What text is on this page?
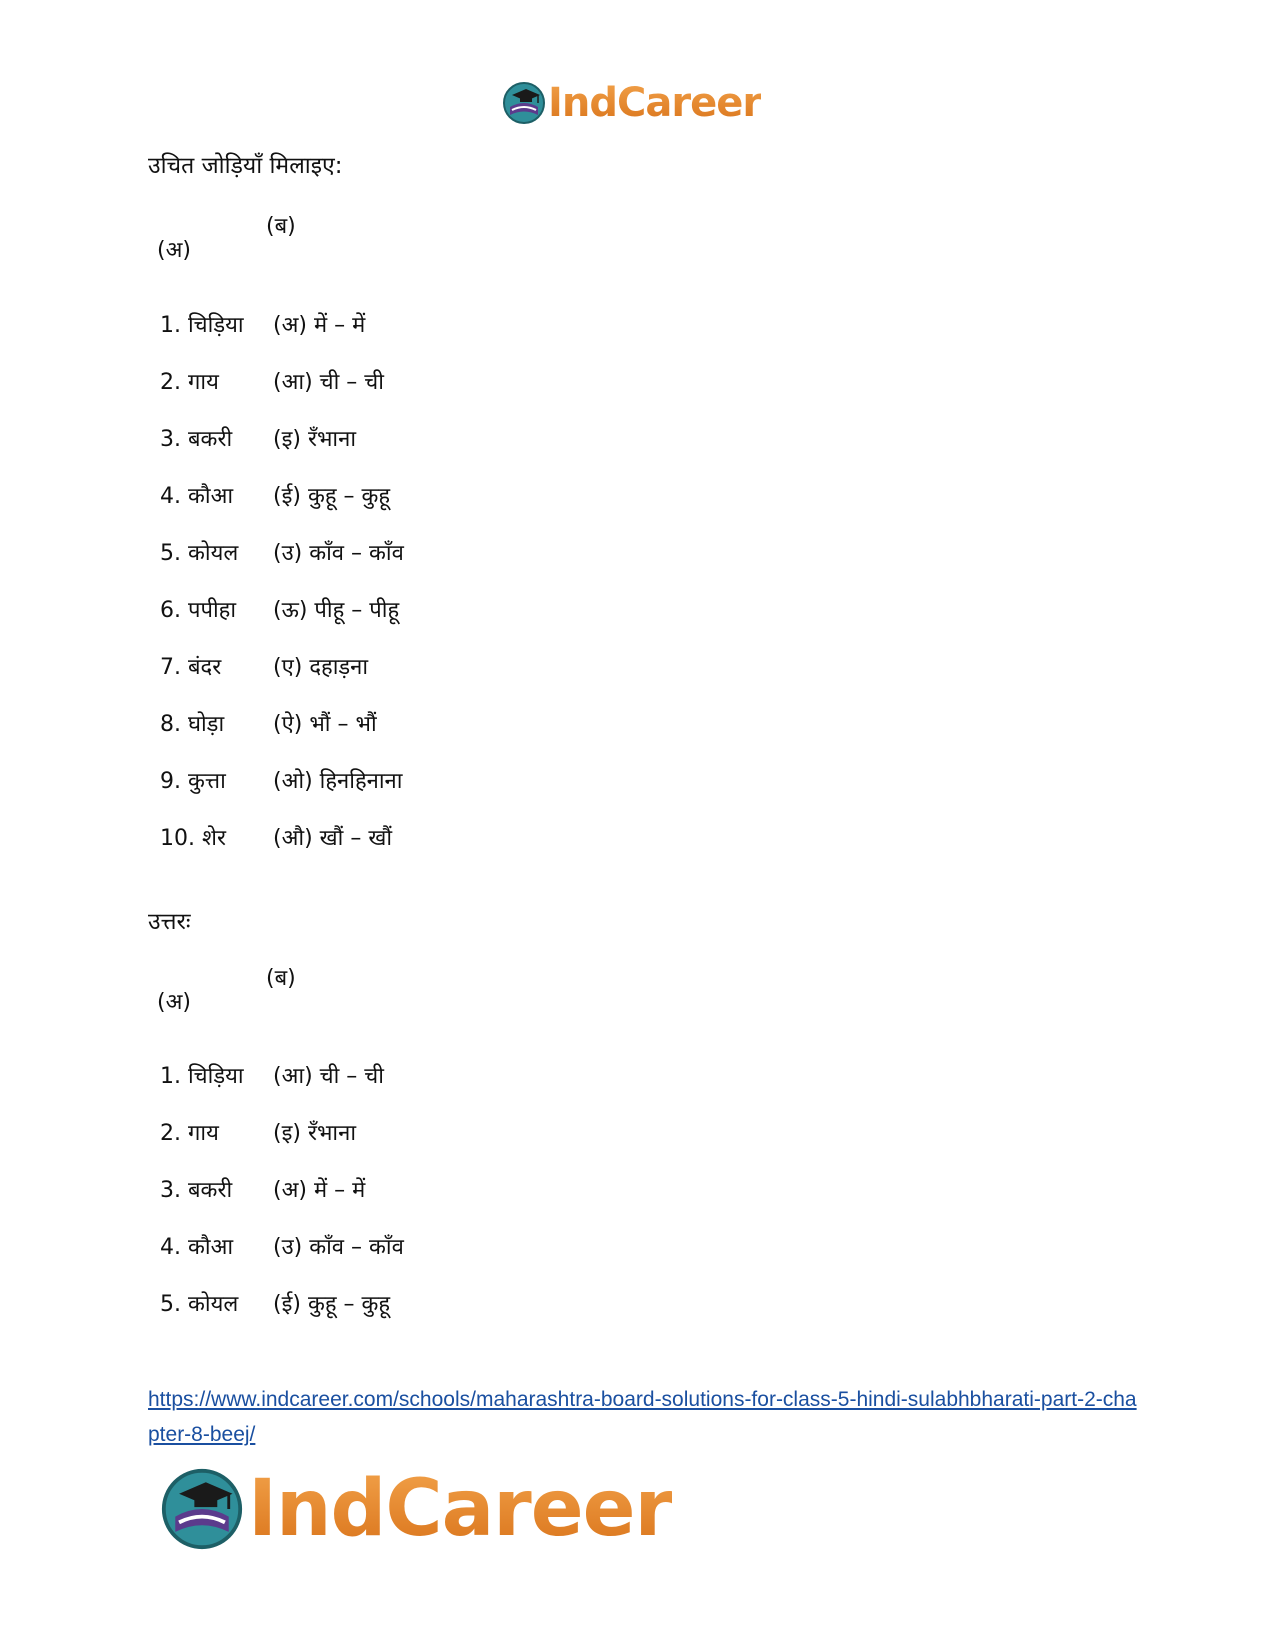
IndCareer
उचित जोड़ियाँ मिलाइए:
(ब)
(अ)
1. चिड़िया	(अ) में – में
2. गाय	(आ) ची – ची
3. बकरी	(इ) रँभाना
4. कौआ	(ई) कुहू – कुहू
5. कोयल	(उ) काँव – काँव
6. पपीहा	(ऊ) पीहू – पीहू
7. बंदर	(ए) दहाड़ना
8. घोड़ा	(ऐ) भौं – भौं
9. कुत्ता	(ओ) हिनहिनाना
10. शेर	(औ) खौं – खौं
उत्तरः
(ब)
(अ)
1. चिड़िया	(आ) ची – ची
2. गाय	(इ) रँभाना
3. बकरी	(अ) में – में
4. कौआ	(उ) काँव – काँव
5. कोयल	(ई) कुहू – कुहू
https://www.indcareer.com/schools/maharashtra-board-solutions-for-class-5-hindi-sulabhbharati-part-2-chapter-8-beej/
IndCareer
